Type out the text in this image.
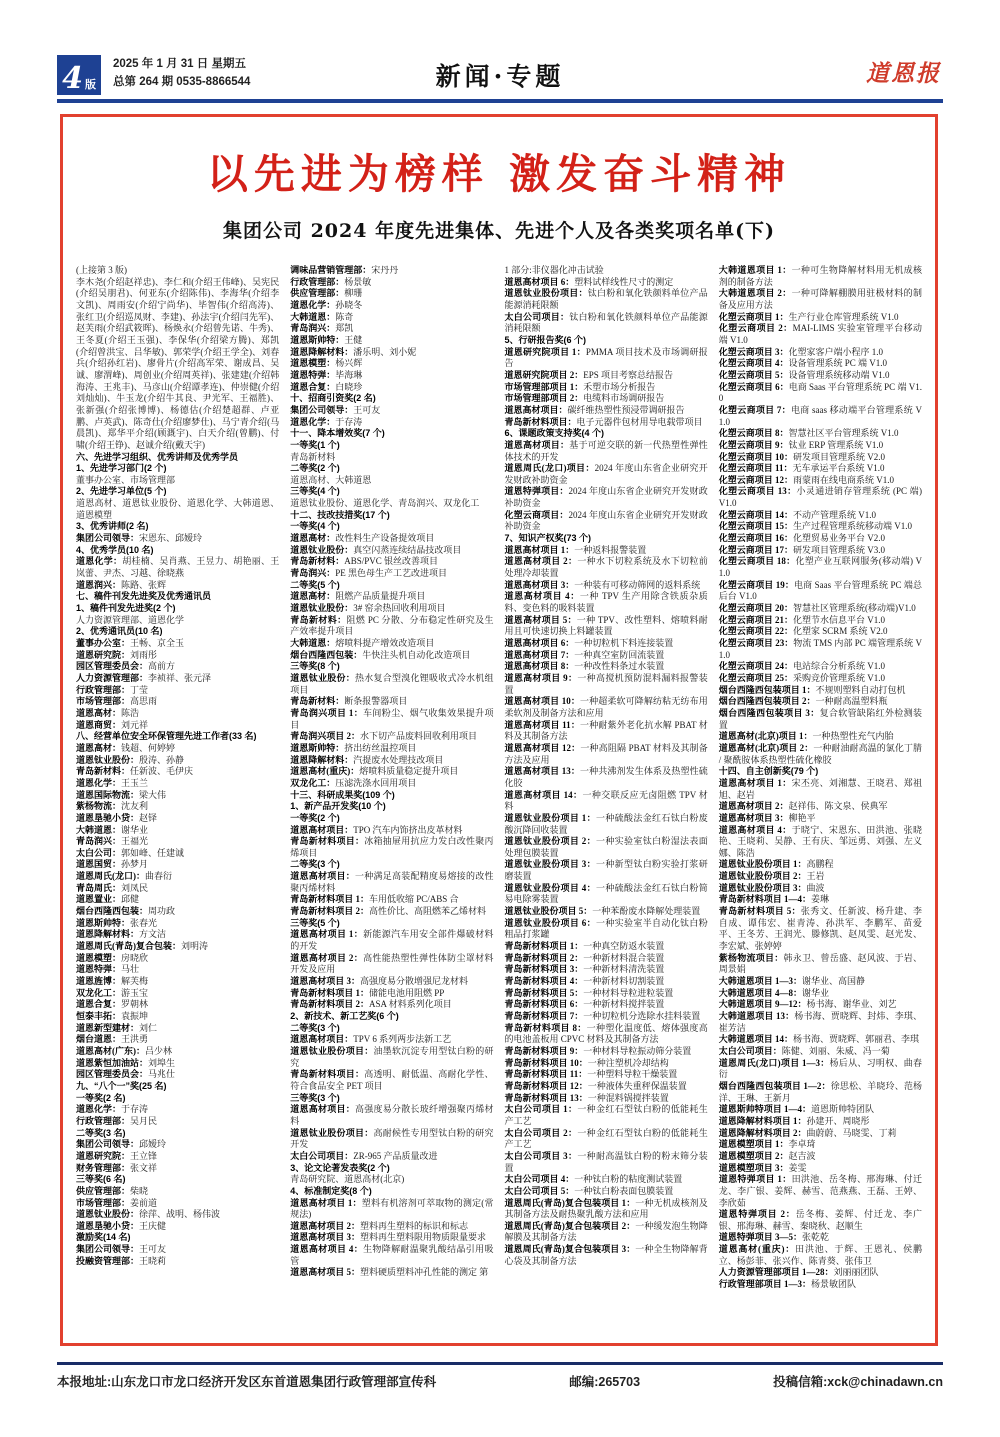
4 版
2025 年 1 月 31 日 星期五
总第 264 期 0535-8866544	新闻·专题	道恩报
以先进为榜样 激发奋斗精神
集团公司 2024 年度先进集体、先进个人及各类奖项名单(下)

(上接第 3 版)

李木尧(介绍赵祥忠)、李仁和(介绍王伟峰)、吴宪民(介绍吴朋君)、何亚东(介绍陈伟)、李海华(介绍李文凯)、周雨安(介绍宁尚华)、毕智伟(介绍高涛)、张红卫(介绍巡凤财、李建)、孙法宇(介绍闫先军)、赵芙雨(介绍武筱晖)、杨焕永(介绍曾先诺、牛秀)、王冬夏(介绍王玉强)、李保华(介绍梁方腾)、郑凯(介绍曾洪宝、吕华敏)、郭荣学(介绍王学全)、刘春兵(介绍孙红岩)、廖骨片(介绍高军荣、谢成昌、吴诚、廖渭峰)、周创业(介绍周英祥)、张建建(介绍韩海涛、王兆丰)、马彦山(介绍谭孝连)、仲崇健(介绍刘灿灿)、牛玉龙(介绍牛其良、尹光军、王福胜)、张新强(介绍张博博)、杨德估(介绍楚超群、卢亚鹏、卢英武)、陈奇仕(介绍廖梦仕)、马宁青介绍(马晨凯)、郑华平介绍(顾溉宇)、白天介绍(曾鹏)、付啸(介绍王铮)、赵诚介绍(戴天宇)

六、先进学习组织、优秀讲师及优秀学员

1、先进学习部门(2 个)

董事办公室、市场管理部

2、先进学习单位(5 个)

道恩高材、道恩钛业股份、道恩化学、大韩道恩、道恩模塑

3、优秀讲师(2 名)

集团公司领导：宋恩东、邱嫒玲

4、优秀学员(10 名)

道恩化学：胡桂楠、吴肖燕、王昱力、胡艳丽、王岚蕾、尹杰、习越、徐晓燕

道恩润兴：陈路、张辉

七、稿件刊发先进奖及优秀通讯员

1、稿件刊发先进奖(2 个)

人力资源管理部、道恩化学

2、优秀通讯员(10 名)

董事办公室：王畅、京全玉

道恩研究院：刘雨彤

园区管理委员会：高前方

人力资源管理部：李祯祥、张元泽

行政管理部：丁莹

市场管理部：高思雨

道恩高材：陈浩

道恩商贸：刘元祥

八、经营单位安全环保管理先进工作者(33 名)

道恩高材：钱超、何婷婷

道恩钛业股份：殷涛、孙静

青岛新材料：任新波、毛伊庆

道恩化学：王玉兰

道恩国际物流：梁大伟

紫杨物流：沈友利

道恩垦驰小贷：赵铎

大韩道恩：谢华业

青岛润兴：王福光

太白公司：郭如峰、任建诚

道恩国贸：孙梦月

道恩周氏(龙口)：曲春衍

青岛周氏：刘凤民

道恩置业：邱健

烟台西隆西包装：周功政

道恩斯帅特：张春光

道恩降解材料：方文洁

道恩周氏(青岛)复合包装：刘明涛

道恩模塑：房晓欣

道恩特弹：马壮

道恩旌博：解芙梅

双龙化工：游玉宝

道恩合复：罗朝林

恒泰丰拓：袁振坤

道恩新型建材：刘仁

烟台道恩：王洪勇

道恩高材(广东)：吕少林

道恩紫恒加油站：刘埠生

园区管理委员会：马兆仕

九、“八个一”奖(25 名)

一等奖(2 名)

道恩化学：于存涛

行政管理部：吴月民

二等奖(3 名)

集团公司领导：邱嫒玲

道恩研究院：王立锋

财务管理部：张文祥

三等奖(6 名)

供应管理部：柴晓

市场管理部：姜前道

道恩钛业股份：徐萍、战明、杨伟波

道恩垦驰小贷：王庆健

激励奖(14 名)

集团公司领导：王可友

投融资管理部：王晓莉

调味品营销管理部：宋丹丹

行政管理部：杨景敏

供应管理部：柳珊

道恩化学：孙晓冬

大韩道恩：陈奇

青岛润兴：郑凯

道恩斯帅特：王健

道恩降解材料：潘乐明、刘小妮

道恩模塑：杨兴辉

道恩特弹：毕海琳

道恩合复：白晓珍

十、招商引资奖(2 名)

集团公司领导：王可友

道恩化学：于存涛

十一、降本增效奖(7 个)

一等奖(1 个)

青岛新材料

二等奖(2 个)

道恩高材、大韩道恩

三等奖(4 个)

道恩钛业股份、道恩化学、青岛润兴、双龙化工

十二、技改技措奖(17 个)

一等奖(4 个)

道恩高材：改性料生产设备提效项目

道恩钛业股份：真空闪蒸连续结晶技改项目

青岛新材料：ABS/PVC 银丝改善项目

青岛润兴：PE 黑色母生产工艺改进项目

二等奖(5 个)

道恩高材：阻燃产品质量提升项目

道恩钛业股份：3# 窑余热回收利用项目

青岛新材料：阻燃 PC 分散、分布稳定性研究及生产效率提升项目

大韩道恩：熔喷料提产增效改造项目

烟台西隆西包装：牛快注头机自动化改造项目

三等奖(8 个)

道恩钛业股份：热水复合型溴化锂吸收式冷水机组项目

青岛新材料：断条报警器项目

青岛润兴项目 1：车间粉尘、烟气收集效果提升项目

青岛润兴项目 2：水下切产品废料回收利用项目

道恩斯帅特：挤出纺丝温控项目

道恩降解材料：汽提废水处理技改项目

道恩高材(重庆)：熔喷料质量稳定提升项目

双龙化工：压滤洗涤水回用项目

十三、科研成果奖(109 个)

1、新产品开发奖(10 个)

一等奖(2 个)

道恩高材项目：TPO 汽车内饰挤出皮革材料

青岛新材料项目：冰箱抽屉用抗应力发白改性聚丙烯项目

二等奖(3 个)

道恩高材项目：一种满足高装配精度易熔接的改性聚丙烯材料

青岛新材料项目 1：车用低收缩 PC/ABS 合

青岛新材料项目 2：高性价比、高阻燃苯乙烯材料

三等奖(5 个)

道恩高材项目 1：新能源汽车用安全部件爆破材料的开发

道恩高材项目 2：高性能热塑性弹性体防尘罩材料开发及应用

道恩高材项目 3：高强度易分散增强尼龙材料

青岛新材料项目 1：储能电池用阻燃 PP

青岛新材料项目 2：ASA 材料系列化项目

2、新技术、新工艺奖(6 个)

二等奖(3 个)

道恩高材项目：TPV 6 系列两步法新工艺

道恩钛业股份项目：油墨软沉淀专用型钛白粉的研究

青岛新材料项目：高透明、耐低温、高耐化学性、符合食品安全 PET 项目

三等奖(3 个)

道恩高材项目：高强度易分散长玻纤增强聚丙烯材料

道恩钛业股份项目：高耐候性专用型钛白粉的研究开发

太白公司项目：ZR-965 产品质量改进

3、论文论著发表奖(2 个)

青岛研究院、道恩高材(北京)

4、标准制定奖(8 个)

道恩高材项目 1：塑料有机溶剂可萃取物的测定(常规法)

道恩高材项目 2：塑料再生塑料的标识和标志

道恩高材项目 3：塑料再生塑料限用物质限量要求

道恩高材项目 4：生物降解耐温聚乳酸结晶引用吸管

道恩高材项目 5：塑料硬质塑料冲孔性能的测定 第

1 部分:非仪器化冲击试验

道恩高材项目 6：塑料试样线性尺寸的测定

道恩钛业股份项目：钛白粉和氧化铁颜料单位产品能源消耗限额

太白公司项目：钛白粉和氧化铁颜料单位产品能源消耗限额

5、行研报告奖(6 个)

道恩研究院项目 1：PMMA 项目技术及市场调研报告

道恩研究院项目 2：EPS 项目考察总结报告

市场管理部项目 1：禾塑市场分析报告

市场管理部项目 2：电缆料市场调研报告

道恩高材项目：碳纤维热塑性预浸带调研报告

青岛新材料项目：电子元器件包材用导电载带项目

6、课题政策支持奖(4 个)

道恩高材项目：基于可逆交联的新一代热塑性弹性体技术的开发

道恩周氏(龙口)项目：2024 年度山东省企业研究开发财政补助资金

道恩特弹项目：2024 年度山东省企业研究开发财政补助资金

化塑云商项目：2024 年度山东省企业研究开发财政补助资金

7、知识产权奖(73 个)

道恩高材项目 1：一种返料报警装置

道恩高材项目 2：一种水下切粒系统及水下切粒前处理冷却装置

道恩高材项目 3：一种装有可移动筛网的返料系统

道恩高材项目 4：一种 TPV 生产用除含铁质杂质料、变色料的吸料装置

道恩高材项目 5：一种 TPV、改性塑料、熔喷料耐用且可快速切换上料罐装置

道恩高材项目 6：一种切粒机下料连接装置

道恩高材项目 7：一种真空室防回流装置

道恩高材项目 8：一种改性料条过水装置

道恩高材项目 9：一种高搅机预防混料漏料报警装置

道恩高材项目 10：一种超柔软可降解纺粘无纺布用柔软剂及制备方法和应用

道恩高材项目 11：一种耐紫外老化抗水解 PBAT 材料及其制备方法

道恩高材项目 12：一种高阻隔 PBAT 材料及其制备方法及应用

道恩高材项目 13：一种共沸剂发生体系及热塑性硫化胶

道恩高材项目 14：一种交联反应无卤阻燃 TPV 材料

道恩钛业股份项目 1：一种硫酸法金红石钛白粉废酸沉降回收装置

道恩钛业股份项目 2：一种实验室钛白粉湿法表面处理包膜装置

道恩钛业股份项目 3：一种新型钛白粉实验打浆研磨装置

道恩钛业股份项目 4：一种硫酸法金红石钛白粉简易电除雾装置

道恩钛业股份项目 5：一种苯酚废水降解处理装置

道恩钛业股份项目 6：一种实验室半自动化钛白粉粗品打浆罐

青岛新材料项目 1：一种真空防返水装置

青岛新材料项目 2：一种新材料混合装置

青岛新材料项目 3：一种新材料清洗装置

青岛新材料项目 4：一种新材料切割装置

青岛新材料项目 5：一种材料导粒进粒装置

青岛新材料项目 6：一种新材料搅拌装置

青岛新材料项目 7：一种切粒机分选除水挂料装置

青岛新材料项目 8：一种塑化温度低、熔体强度高的电池盖板用 CPVC 材料及其制备方法

青岛新材料项目 9：一种材料导粒振动筛分装置

青岛新材料项目 10：一种注塑机冷却结构

青岛新材料项目 11：一种塑料导粒干燥装置

青岛新材料项目 12：一种液体失重秤保温装置

青岛新材料项目 13：一种混料锅搅拌装置

太白公司项目 1：一种金红石型钛白粉的低能耗生产工艺

太白公司项目 2：一种金红石型钛白粉的低能耗生产工艺

太白公司项目 3：一种耐高温钛白粉的粉末筛分装置

太白公司项目 4：一种钛白粉的粘度测试装置

太白公司项目 5：一种钛白粉表面包膜装置

道恩周氏(青岛)复合包装项目 1：一种无机成核剂及其制备方法及耐热聚乳酸方法和应用

道恩周氏(青岛)复合包装项目 2：一种缓发泡生物降解膜及其制备方法

道恩周氏(青岛)复合包装项目 3：一种全生物降解背心袋及其制备方法

大韩道恩项目 1：一种可生物降解材料用无机成核剂的制备方法

大韩道恩项目 2：一种可降解棚膜用驻极材料的制备及应用方法

化塑云商项目 1：生产行业仓库管理系统 V1.0

化塑云商项目 2：MAI-LIMS 实验室管理平台移动端 V1.0

化塑云商项目 3：化塑家客户端小程序 1.0

化塑云商项目 4：设备管理系统 PC 端 V1.0

化塑云商项目 5：设备管理系统移动端 V1.0

化塑云商项目 6：电商 Saas 平台管理系统 PC 端 V1.0

化塑云商项目 7：电商 saas 移动端平台管理系统 V1.0

化塑云商项目 8：智慧社区平台管理系统 V1.0

化塑云商项目 9：钛业 ERP 管理系统 V1.0

化塑云商项目 10：研发项目管理系统 V2.0

化塑云商项目 11：无车承运平台系统 V1.0

化塑云商项目 12：雨蒙雨在线电商系统 V1.0

化塑云商项目 13：小灵通进销存管理系统 (PC 端) V1.0

化塑云商项目 14：不动产管理系统 V1.0

化塑云商项目 15：生产过程管理系统移动端 V1.0

化塑云商项目 16：化塑贸易业务平台 V2.0

化塑云商项目 17：研发项目管理系统 V3.0

化塑云商项目 18：化塑产业互联网服务(移动端) V1.0

化塑云商项目 19：电商 Saas 平台管理系统 PC 端总后台 V1.0

化塑云商项目 20：智慧社区管理系统(移动端)V1.0

化塑云商项目 21：化塑节水信息平台 V1.0

化塑云商项目 22：化塑家 SCRM 系统 V2.0

化塑云商项目 23：物流 TMS 内部 PC 端管理系统 V1.0

化塑云商项目 24：电站综合分析系统 V1.0

化塑云商项目 25：采购竞价管理系统 V1.0

烟台西隆西包装项目 1：不规则塑料自动打包机

烟台西隆西包装项目 2：一种耐高温塑料瓶

烟台西隆西包装项目 3：复合软管缺陷红外检测装置

道恩高材(北京)项目 1：一种热塑性充气内胎

道恩高材(北京)项目 2：一种耐油耐高温的氯化丁腈 / 聚酰胺体系热塑性硫化橡胶

十四、自主创新奖(79 个)

道恩高材项目 1：宋丕亮、刘湘慧、王晓君、郑祖旭、赵岩

道恩高材项目 2：赵祥伟、陈文泉、侯典军

道恩高材项目 3：柳艳平

道恩高材项目 4：于晓宁、宋恩东、田洪池、张晓艳、王晓莉、吴静、王有庆、邹远勇、刘强、左义娜、陈浩

道恩钛业股份项目 1：高鹏程

道恩钛业股份项目 2：王岩

道恩钛业股份项目 3：曲波

青岛新材料项目 1—4：姜琳

青岛新材料项目 5：张秀文、任新波、杨升建、李自成、谭伟宏、崔青涛、孙洪军、李鹏军、苗爱平、王冬芳、王润光、滕修凯、赵凤雯、赵光发、李宏斌、张婷婷

紫杨物流项目：韩永卫、曾岳盛、赵风波、于岩、周景娟

大韩道恩项目 1—3：谢华业、高国静

大韩道恩项目 4—8：谢华业

大韩道恩项目 9—12：杨书海、谢华业、刘艺

大韩道恩项目 13：杨书海、贾晓辉、封炜、李琪、崔芳洁

大韩道恩项目 14：杨书海、贾晓辉、郭丽君、李琪

太白公司项目：陈健、刘丽、朱威、冯一菊

道恩周氏(龙口)项目 1—3：杨后从、习明权、曲春衍

烟台西隆西包装项目 1—2：徐思松、羊晓玲、范杨洋、王琳、王新月

道恩斯帅特项目 1—4：道恩斯帅特团队

道恩降解材料项目 1：孙建开、周晓彤

道恩降解材料项目 2：曲蔚蔚、马晓雯、丁莉

道恩模塑项目 1：李卓琦

道恩模塑项目 2：赵吉波

道恩模塑项目 3：姜雯

道恩特弹项目 1：田洪池、岳冬梅、邢海琳、付迁龙、李广银、姜辉、赫雪、范燕燕、王磊、王婷、李欣茹

道恩特弹项目 2：岳冬梅、姜辉、付迁龙、李广银、邢海琳、赫雪、秦晓秋、赵顺生

道恩特弹项目 3—5：张乾乾

道恩高材(重庆)：田洪池、于辉、王恩礼、侯鹏立、杨彭菲、张兴作、陈青葵、张伟卫

人力资源管理部项目 1—28：刘丽丽团队

行政管理部项目 1—3：杨景敏团队

本报地址:山东龙口市龙口经济开发区东首道恩集团行政管理部宣传科	邮编:265703	投稿信箱:xck@chinadawn.cn
